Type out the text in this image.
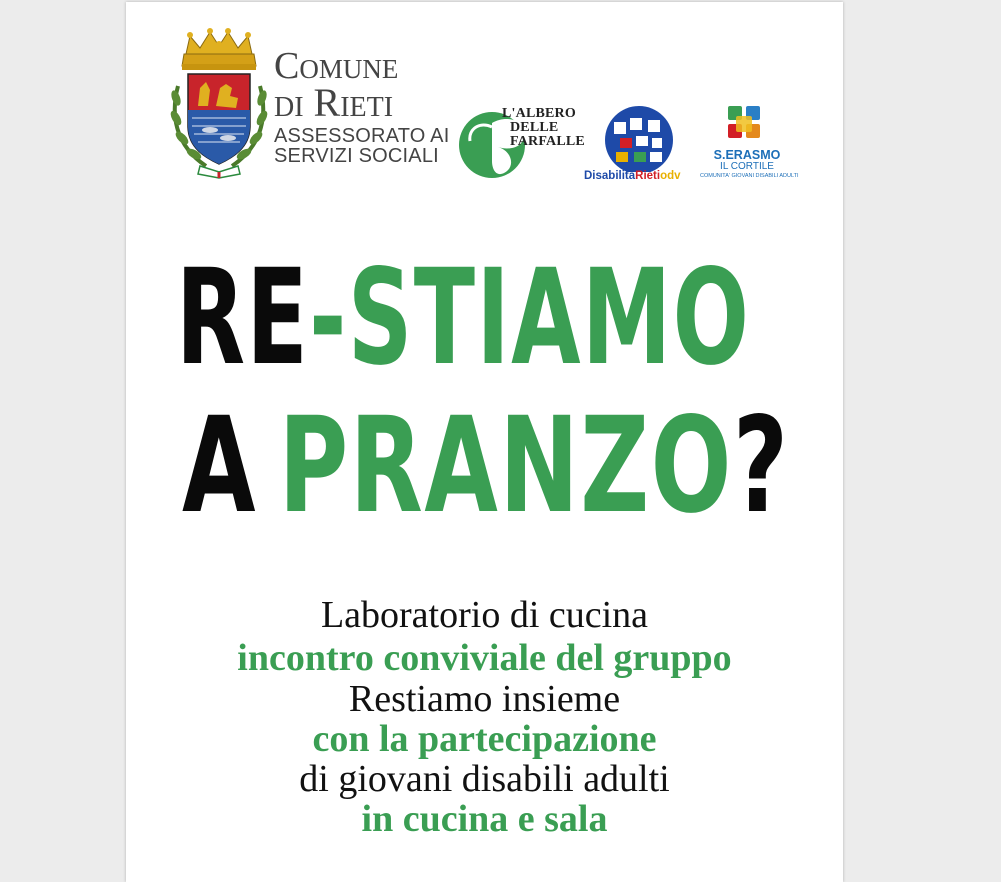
Comune
di Rieti
ASSESSORATO AI
SERVIZI SOCIALI
L'ALBERO
DELLE
FARFALLE
DisabilitàRietiodv
S.ERASMO
IL CORTILE
COMUNITA' GIOVANI DISABILI ADULTI
RE-STIAMO
A PRANZO?
Laboratorio di cucina
incontro conviviale del gruppo
Restiamo insieme
con la partecipazione
di giovani disabili adulti
in cucina e sala
